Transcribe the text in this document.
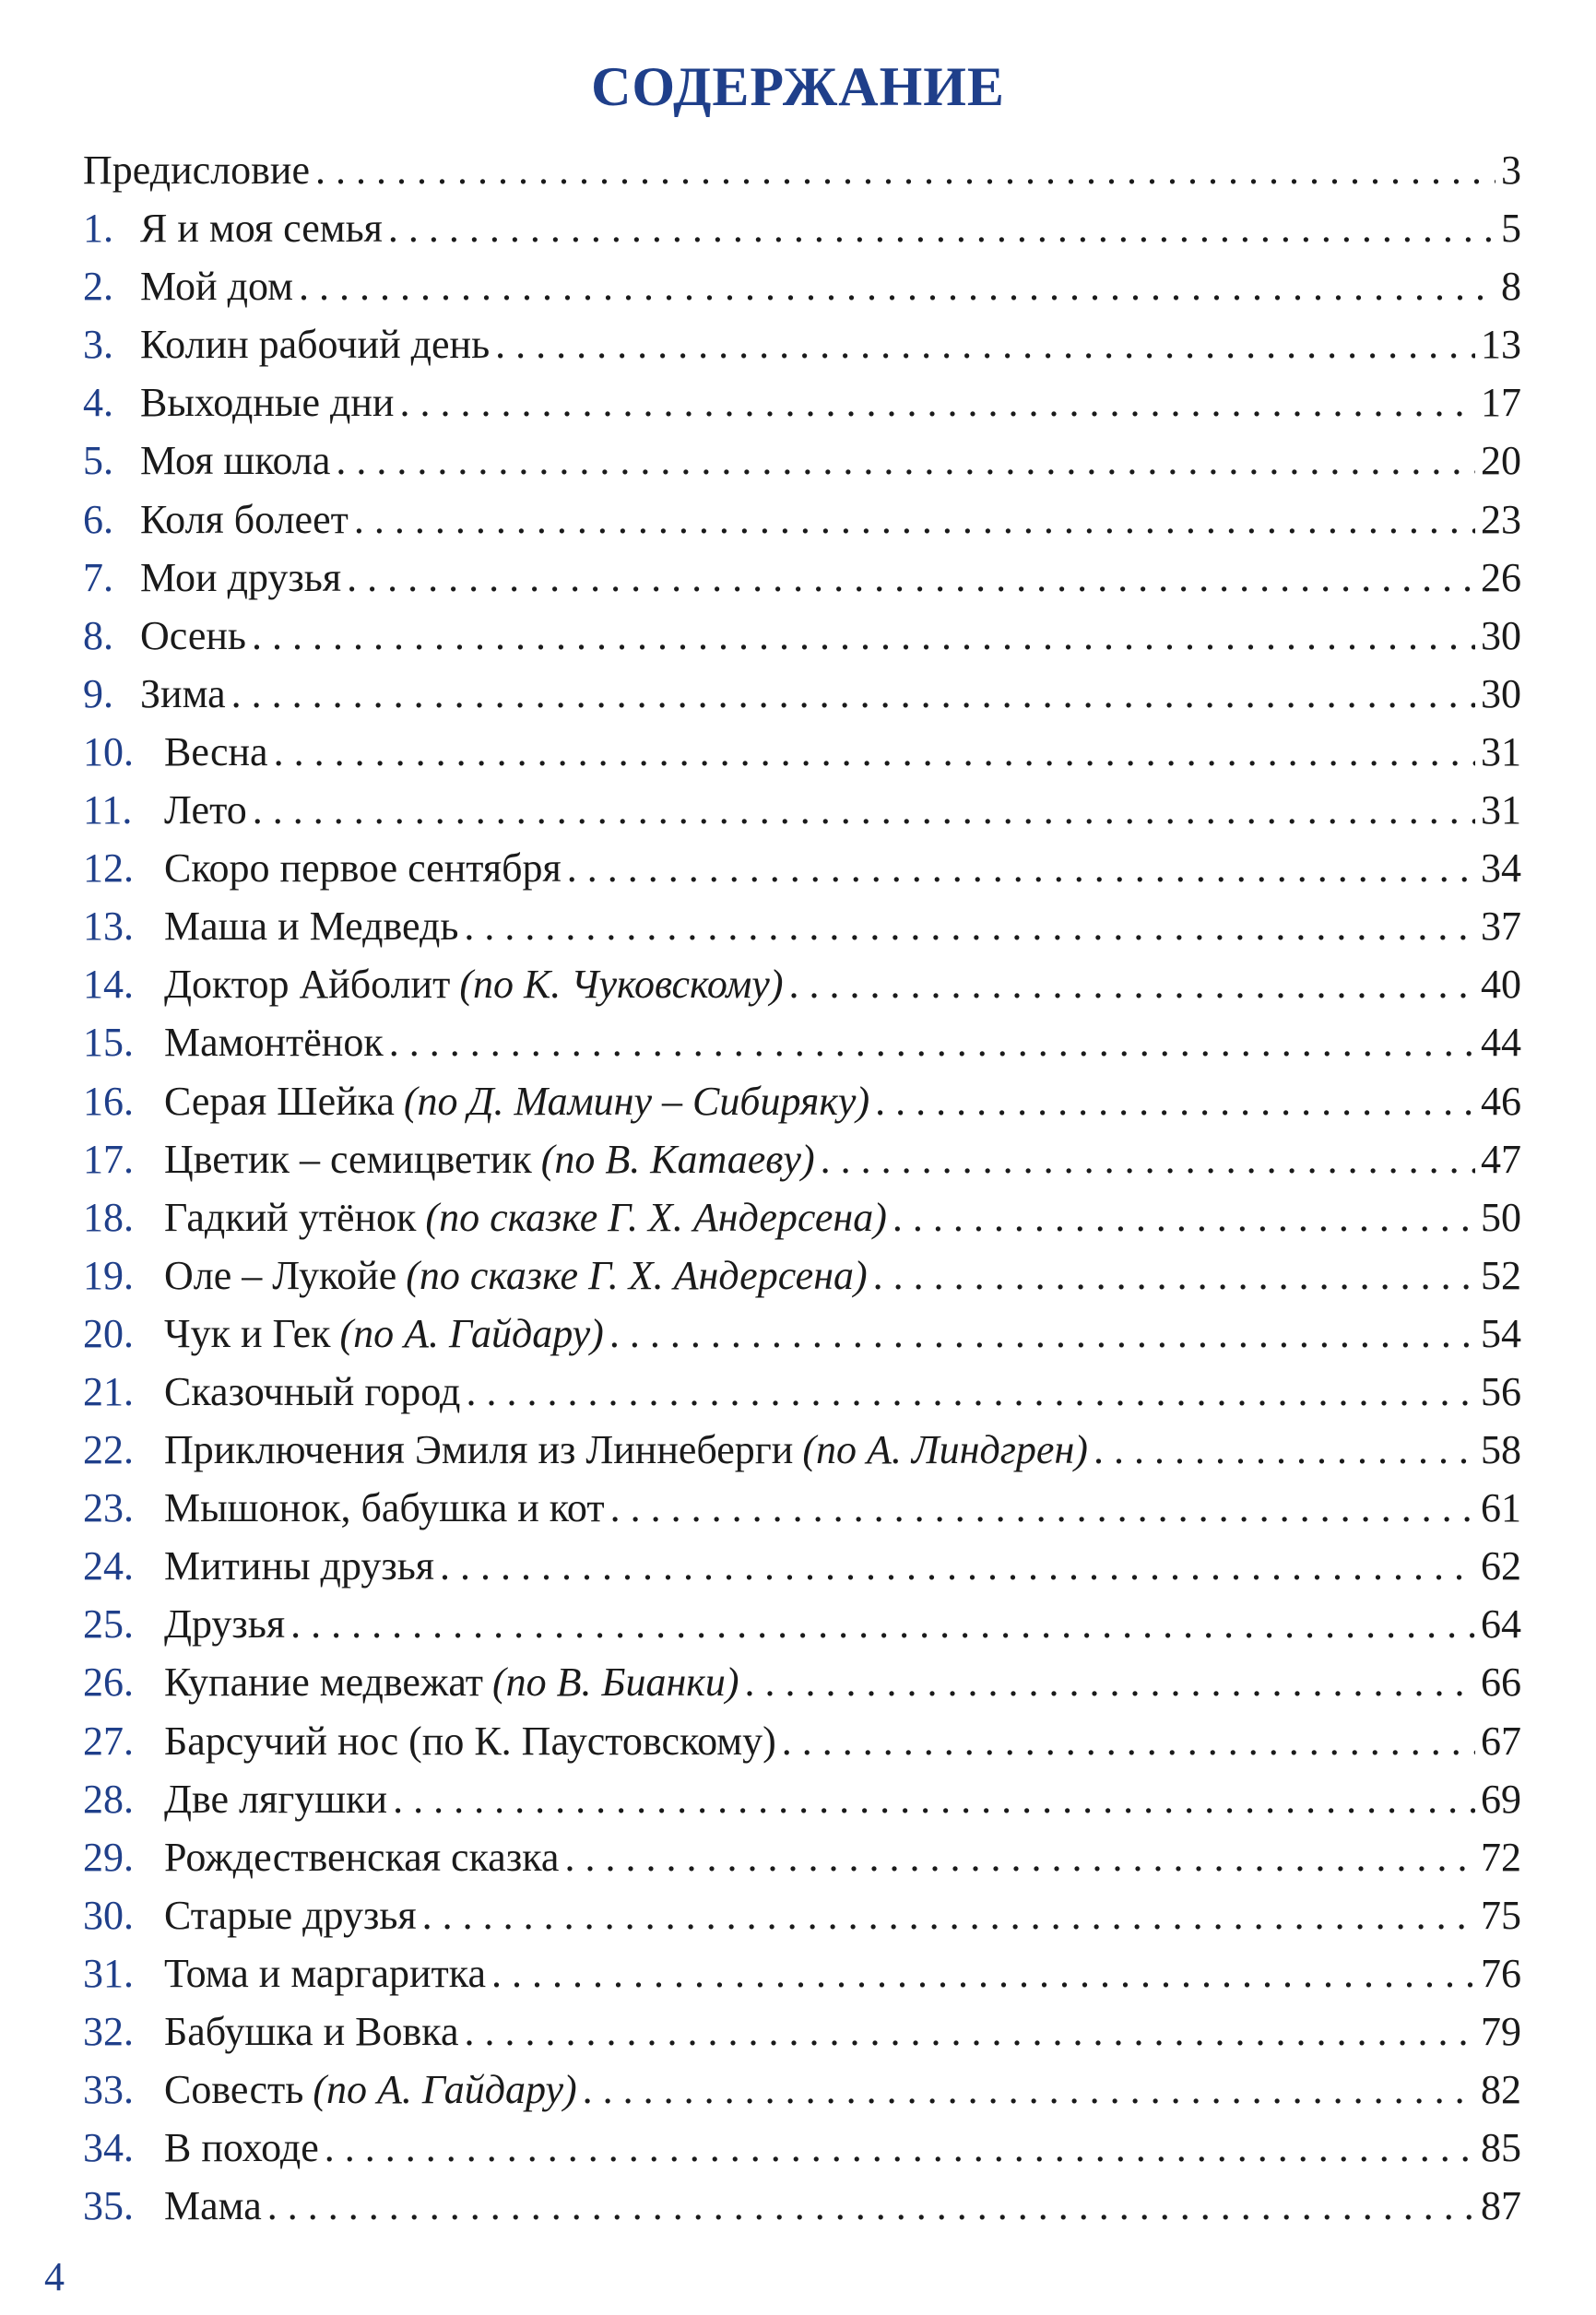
СОДЕРЖАНИЕ
Предисловие . . .	3
1. Я и моя семья . . .	5
2. Мой дом . . .	8
3. Колин рабочий день . . .	13
4. Выходные дни . . .	17
5. Моя школа . . .	20
6. Коля болеет . . .	23
7. Мои друзья . . .	26
8. Осень . . .	30
9. Зима . . .	30
10. Весна . . .	31
11. Лето . . .	31
12. Скоро первое сентября . . .	34
13. Маша и Медведь . . .	37
14. Доктор Айболит (по К. Чуковскому) . . .	40
15. Мамонтёнок . . .	44
16. Серая Шейка (по Д. Мамину – Сибиряку) . . .	46
17. Цветик – семицветик (по В. Катаеву) . . .	47
18. Гадкий утёнок (по сказке Г. Х. Андерсена) . . .	50
19. Оле – Лукойе (по сказке Г. Х. Андерсена) . . .	52
20. Чук и Гек (по А. Гайдару) . . .	54
21. Сказочный город . . .	56
22. Приключения Эмиля из Линнеберги (по А. Линдгрен) . . .	58
23. Мышонок, бабушка и кот . . .	61
24. Митины друзья . . .	62
25. Друзья . . .	64
26. Купание медвежат (по В. Бианки) . . .	66
27. Барсучий нос (по К. Паустовскому) . . .	67
28. Две лягушки . . .	69
29. Рождественская сказка . . .	72
30. Старые друзья . . .	75
31. Тома и маргаритка . . .	76
32. Бабушка и Вовка . . .	79
33. Совесть (по А. Гайдару) . . .	82
34. В походе . . .	85
35. Мама . . .	87
4
